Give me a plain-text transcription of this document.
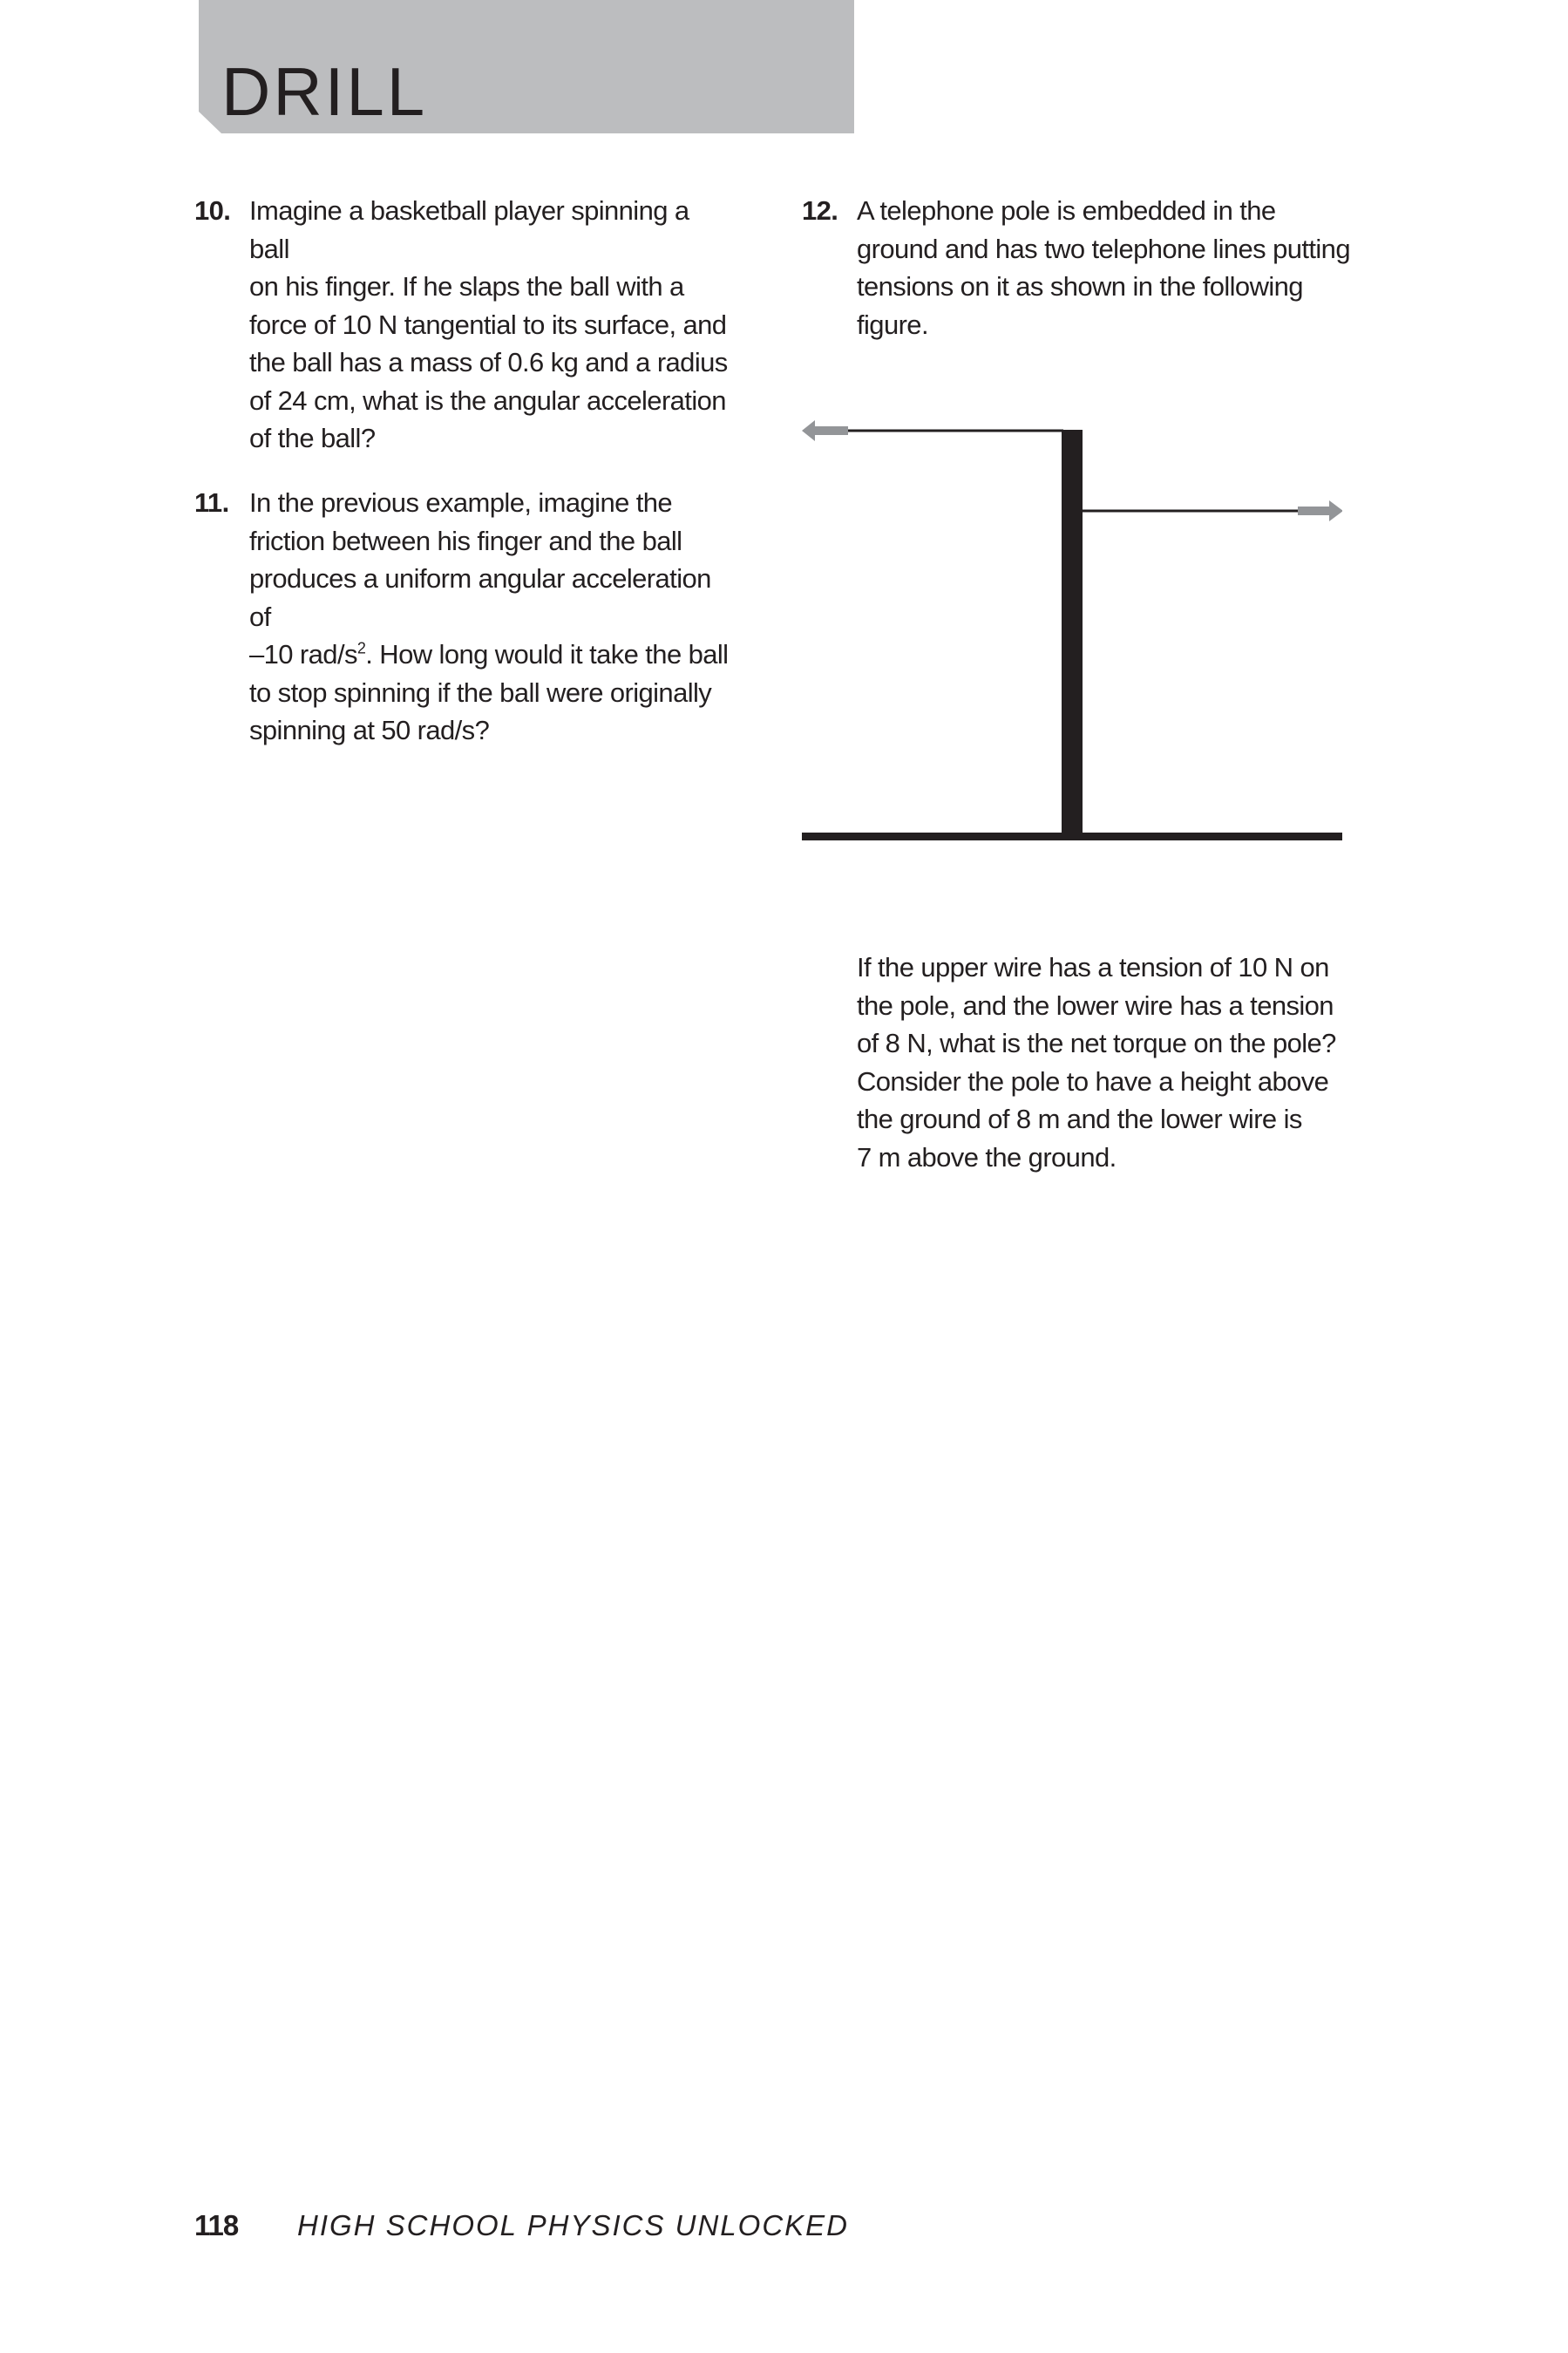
DRILL
10. Imagine a basketball player spinning a ball
on his finger. If he slaps the ball with a
force of 10 N tangential to its surface, and
the ball has a mass of 0.6 kg and a radius
of 24 cm, what is the angular acceleration
of the ball?
11. In the previous example, imagine the
friction between his finger and the ball
produces a uniform angular acceleration of
–10 rad/$s^2$. How long would it take the ball
to stop spinning if the ball were originally
spinning at 50 rad/s?
12. A telephone pole is embedded in the
ground and has two telephone lines putting
tensions on it as shown in the following
figure.
If the upper wire has a tension of 10 N on
the pole, and the lower wire has a tension
of 8 N, what is the net torque on the pole?
Consider the pole to have a height above
the ground of 8 m and the lower wire is
7 m above the ground.
118 HIGH SCHOOL PHYSICS UNLOCKED
